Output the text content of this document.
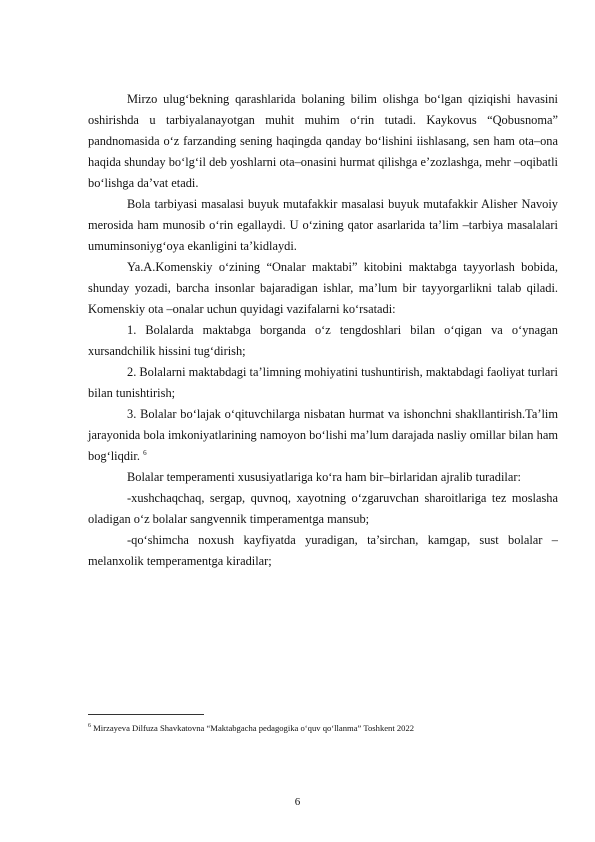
Mirzo ulug‘bekning qarashlarida bolaning bilim olishga bo‘lgan qiziqishi havasini oshirishda u tarbiyalanayotgan muhit muhim o‘rin tutadi. Kaykovus “Qobusnoma” pandnomasida o‘z farzanding sening haqingda qanday bo‘lishini iishlasang, sen ham ota–ona haqida shunday bo‘lg‘il deb yoshlarni ota–onasini hurmat qilishga e’zozlashga, mehr –oqibatli bo‘lishga da’vat etadi.

Bola tarbiyasi masalasi buyuk mutafakkir masalasi buyuk mutafakkir Alisher Navoiy merosida ham munosib o‘rin egallaydi. U o‘zining qator asarlarida ta’lim –tarbiya masalalari umuminsoniyg‘oya ekanligini ta’kidlaydi.

Ya.A.Komenskiy o‘zining “Onalar maktabi” kitobini maktabga tayyorlash bobida, shunday yozadi, barcha insonlar bajaradigan ishlar, ma’lum bir tayyorgarlikni talab qiladi. Komenskiy ota –onalar uchun quyidagi vazifalarni ko‘rsatadi:

1. Bolalarda maktabga borganda o‘z tengdoshlari bilan o‘qigan va o‘ynagan xursandchilik hissini tug‘dirish;

2. Bolalarni maktabdagi ta’limning mohiyatini tushuntirish, maktabdagi faoliyat turlari bilan tunishtirish;

3. Bolalar bo‘lajak o‘qituvchilarga nisbatan hurmat va ishonchni shakllantirish.Ta’lim jarayonida bola imkoniyatlarining namoyon bo‘lishi ma’lum darajada nasliy omillar bilan ham bog‘liqdir. $^6$

Bolalar temperamenti xususiyatlariga ko‘ra ham bir–birlaridan ajralib turadilar:

-xushchaqchaq, sergap, quvnoq, xayotning o‘zgaruvchan sharoitlariga tez moslasha oladigan o‘z bolalar sangvennik timperamentga mansub;

-qo‘shimcha noxush kayfiyatda yuradigan, ta’sirchan, kamgap, sust bolalar –melanxolik temperamentga kiradilar;

$^6$ Mirzayeva Dilfuza Shavkatovna “Maktabgacha pedagogika o‘quv qo‘llanma” Toshkent 2022
6
